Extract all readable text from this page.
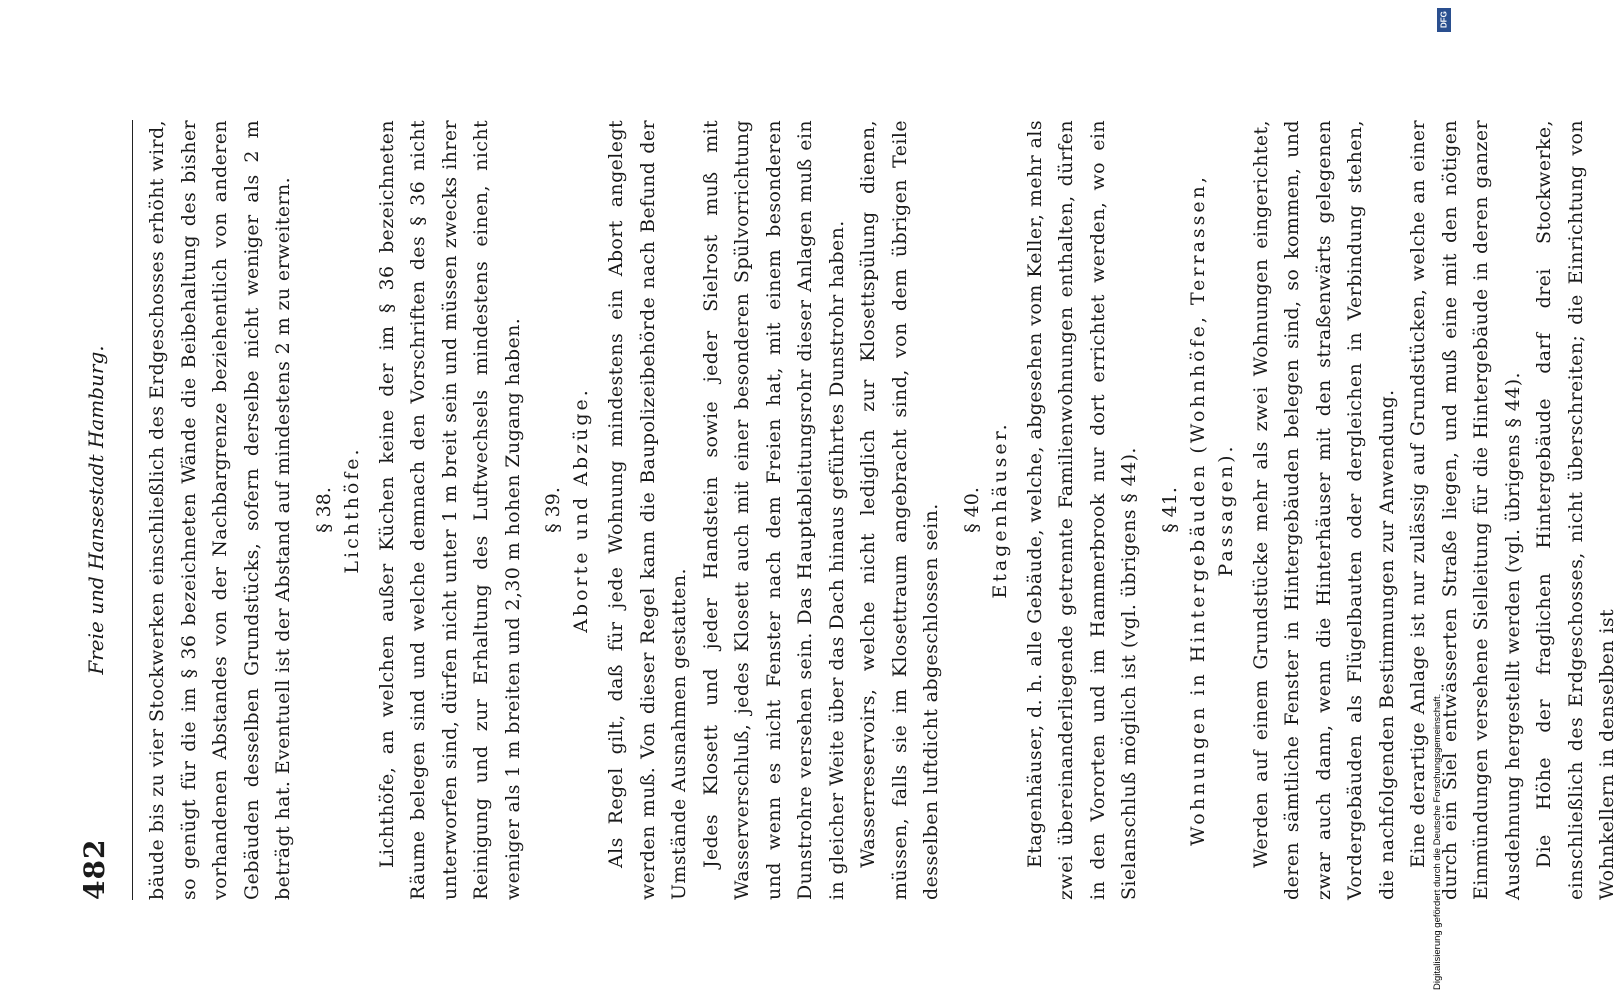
482
Freie und Hansestadt Hamburg. bäude bis zu vier Stockwerken einschließlich des Erdgeschosses erhöht wird, so genügt für die im § 36 bezeichneten Wände die Beibehaltung des bisher vorhandenen Abstandes von der Nachbargrenze beziehentlich von anderen Gebäuden desselben Grundstücks, sofern derselbe nicht weniger als 2 m beträgt hat. Eventuell ist der Abstand auf mindestens 2 m zu erweitern. § 38. Lichthöfe. Lichthöfe, an welchen außer Küchen keine der im § 36 bezeichneten Räume belegen sind und welche demnach den Vorschriften des § 36 nicht unterworfen sind, dürfen nicht unter 1 m breit sein und müssen zwecks ihrer Reinigung und zur Erhaltung des Luftwechsels mindestens einen, nicht weniger als 1 m breiten und 2,30 m hohen Zugang haben. § 39. Aborte und Abzüge. Als Regel gilt, daß für jede Wohnung mindestens ein Abort angelegt werden muß. Von dieser Regel kann die Baupolizeibehörde nach Befund der Umstände Ausnahmen gestatten. Jedes Klosett und jeder Handstein sowie jeder Sielrost muß mit Wasserverschluß, jedes Klosett auch mit einer besonderen Spülvorrichtung und wenn es nicht Fenster nach dem Freien hat, mit einem besonderen Dunstrohre versehen sein. Das Hauptableitungsrohr dieser Anlagen muß ein in gleicher Weite über das Dach hinaus geführtes Dunstrohr haben. Wasserreservoirs, welche nicht lediglich zur Klosettspülung dienen, müssen, falls sie im Klosettraum angebracht sind, von dem übrigen Teile desselben luftdicht abgeschlossen sein. § 40. Etagenhäuser. Etagenhäuser, d. h. alle Gebäude, welche, abgesehen vom Keller, mehr als zwei übereinanderliegende getrennte Familienwohnungen enthalten, dürfen in den Vororten und im Hammerbrook nur dort errichtet werden, wo ein Sielanschluß möglich ist (vgl. übrigens § 44). § 41. Wohnungen in Hintergebäuden (Wohnhöfe, Terrassen, Passagen). Werden auf einem Grundstücke mehr als zwei Wohnungen eingerichtet, deren sämtliche Fenster in Hintergebäuden belegen sind, so kommen, und zwar auch dann, wenn die Hinterhäuser mit den straßenwärts gelegenen Vordergebäuden als Flügelbauten oder dergleichen in Verbindung stehen, die nachfolgenden Bestimmungen zur Anwendung. Eine derartige Anlage ist nur zulässig auf Grundstücken, welche an einer durch ein Siel entwässerten Straße liegen, und muß eine mit den nötigen Einmündungen versehene Sielleitung für die Hintergebäude in deren ganzer Ausdehnung hergestellt werden (vgl. übrigens § 44). Die Höhe der fraglichen Hintergebäude darf drei Stockwerke, einschließlich des Erdgeschosses, nicht überschreiten; die Einrichtung von Wohnkellern in denselben ist

DFG
Digitalisierung gefördert durch die Deutsche Forschungsgemeinschaft.
